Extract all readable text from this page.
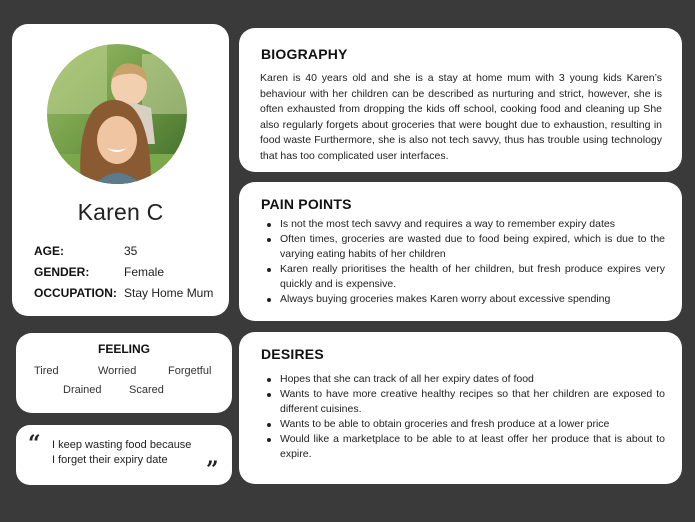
Karen C
AGE:	35
GENDER:	Female
OCCUPATION: Stay Home Mum
FEELING
Tired	Worried	Forgetful
Drained Scared
“ I keep wasting food because
I forget their expiry date	”
BIOGRAPHY
Karen is 40 years old and she is a stay at home mum with 3 young kids Karen’s behaviour with her children can be described as nurturing and strict, however, she is often exhausted from dropping the kids off school, cooking food and cleaning up She also regularly forgets about groceries that were bought due to exhaustion, resulting in food waste Furthermore, she is also not tech savvy, thus has trouble using technology that has too complicated user interfaces.
PAIN POINTS
Is not the most tech savvy and requires a way to remember expiry dates
Often times, groceries are wasted due to food being expired, which is due to the varying eating habits of her children
Karen really prioritises the health of her children, but fresh produce expires very quickly and is expensive.
Always buying groceries makes Karen worry about excessive spending
DESIRES
Hopes that she can track of all her expiry dates of food
Wants to have more creative healthy recipes so that her children are exposed to different cuisines.
Wants to be able to obtain groceries and fresh produce at a lower price
Would like a marketplace to be able to at least offer her produce that is about to expire.
